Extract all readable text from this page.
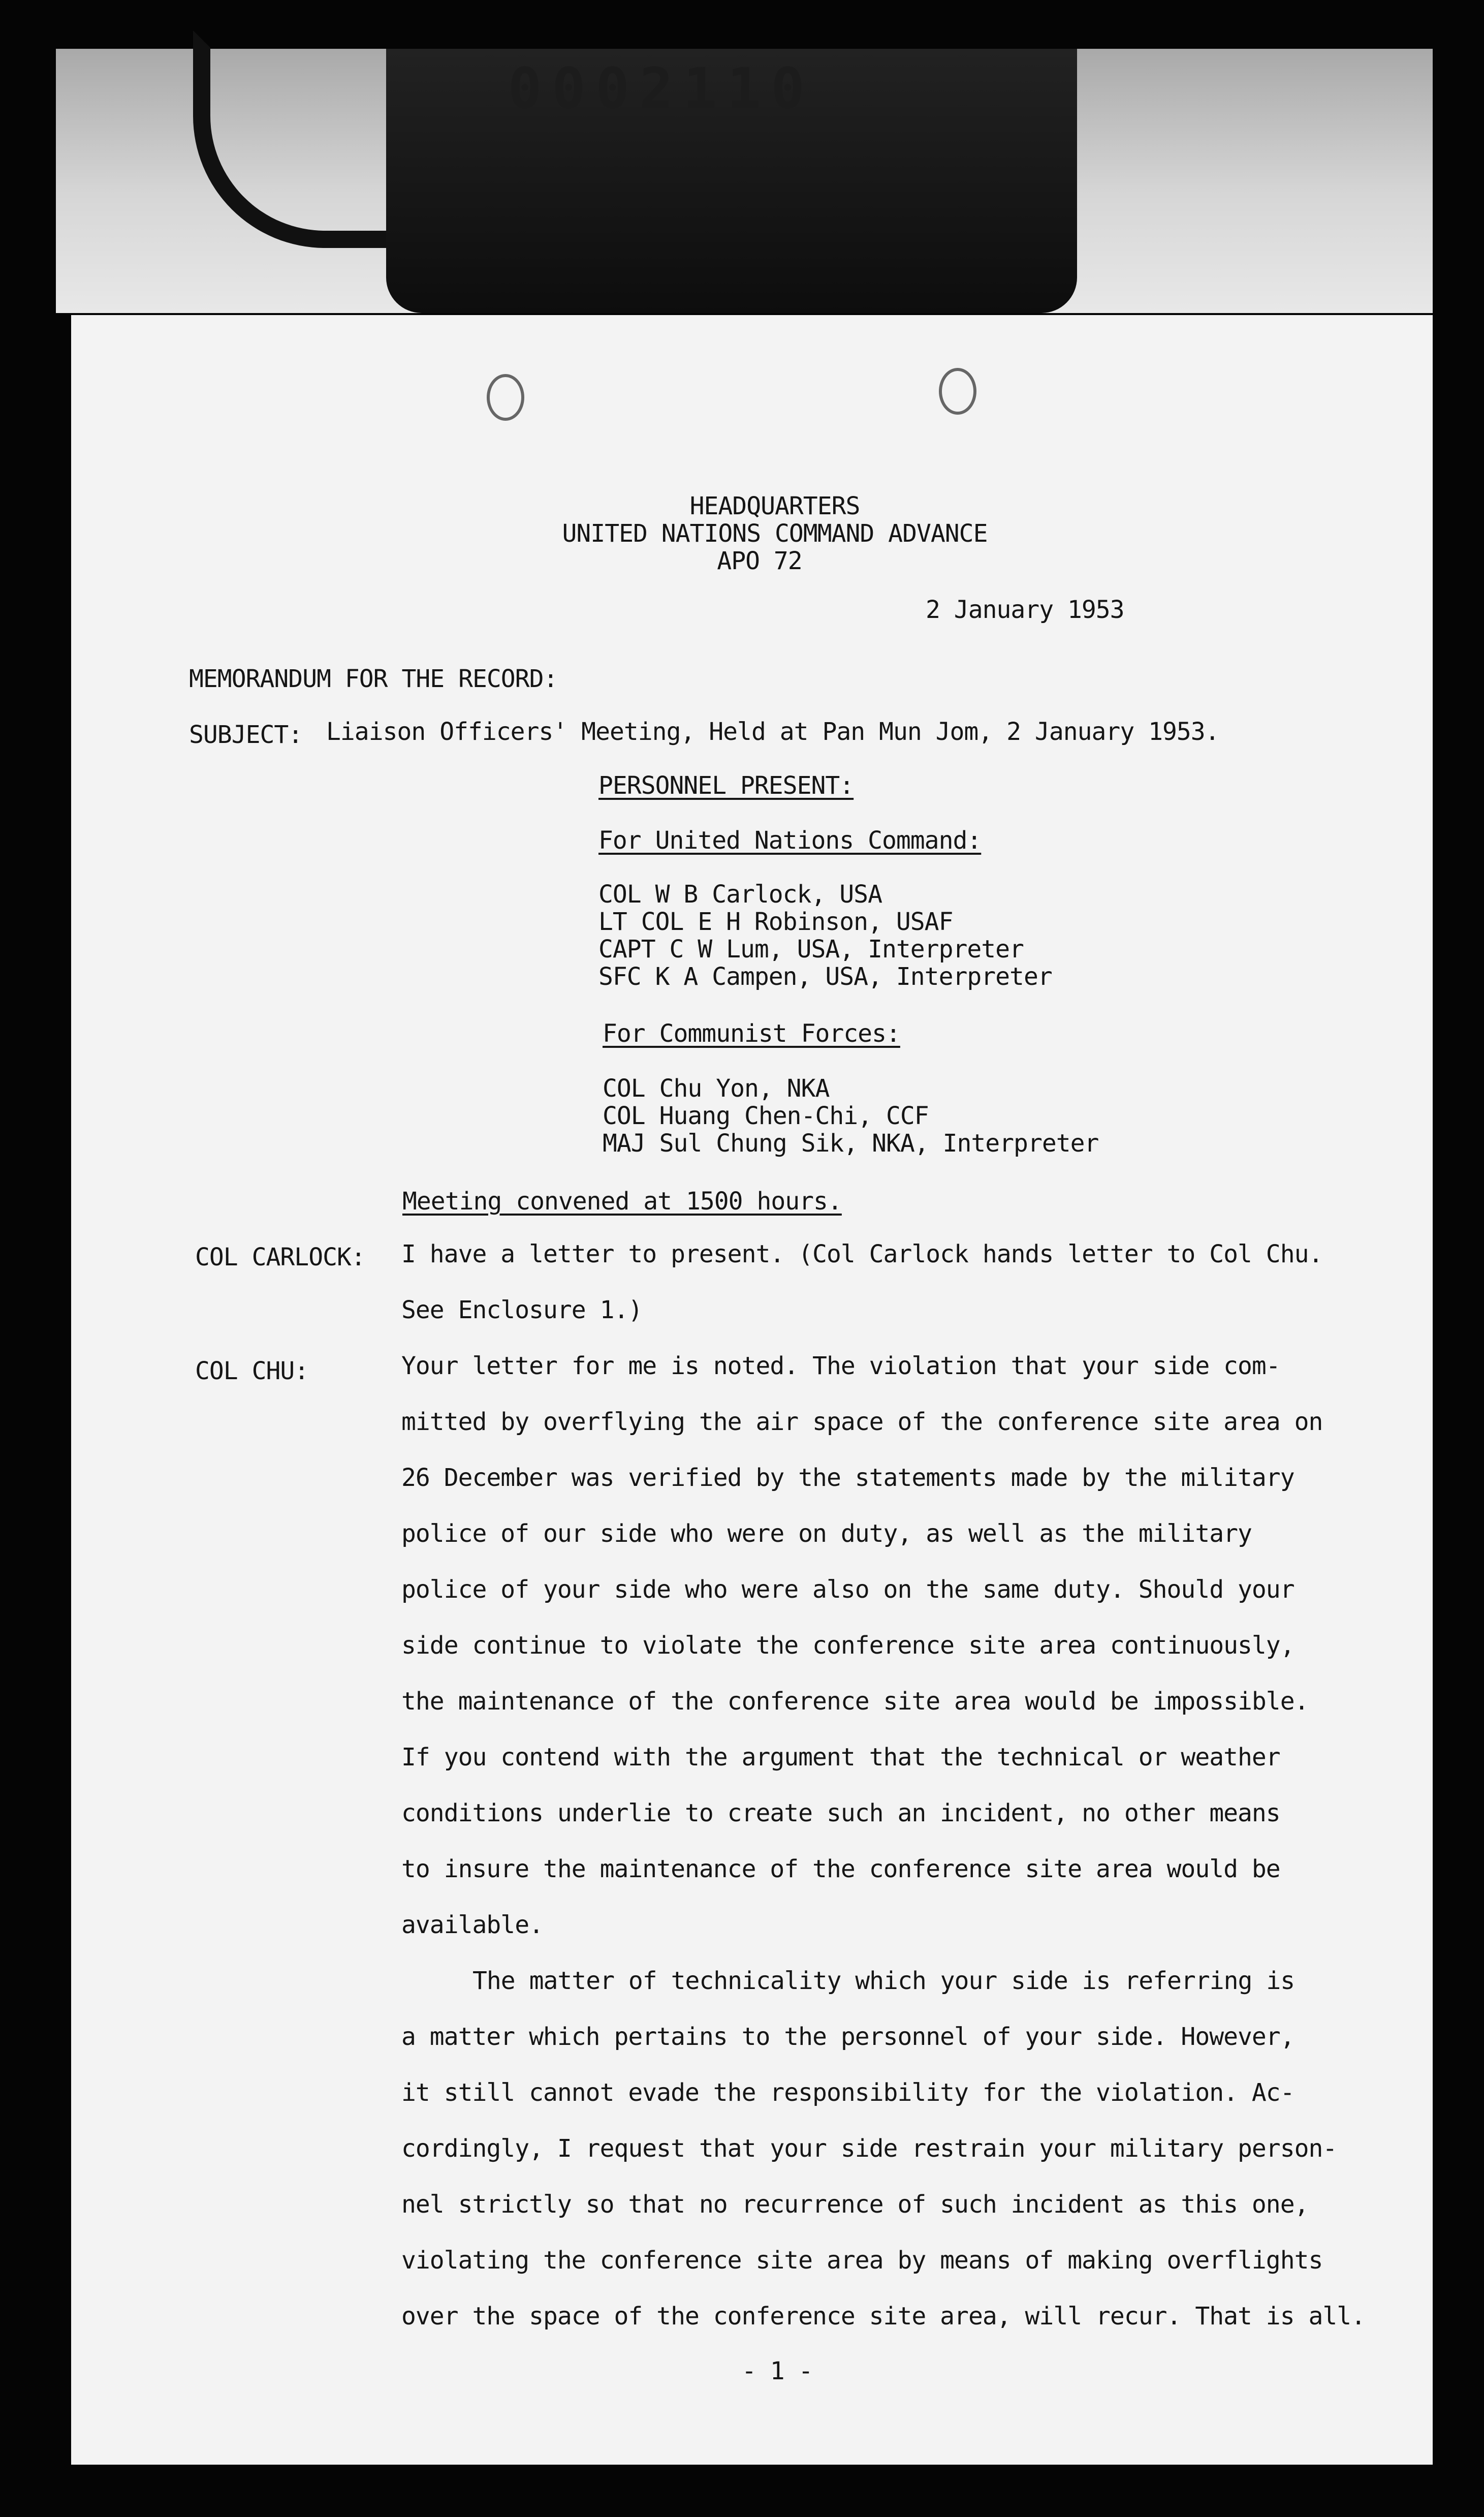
0002110
HEADQUARTERS
UNITED NATIONS COMMAND ADVANCE
APO 72
2 January 1953
MEMORANDUM FOR THE RECORD:
SUBJECT: Liaison Officers' Meeting, Held at Pan Mun Jom, 2 January 1953.
PERSONNEL PRESENT:
For United Nations Command:
COL W B Carlock, USA
LT COL E H Robinson, USAF
CAPT C W Lum, USA, Interpreter
SFC K A Campen, USA, Interpreter
For Communist Forces:
COL Chu Yon, NKA
COL Huang Chen-Chi, CCF
MAJ Sul Chung Sik, NKA, Interpreter
Meeting convened at 1500 hours.
COL CARLOCK: I have a letter to present. (Col Carlock hands letter to Col Chu.
See Enclosure 1.)
COL CHU:	Your letter for me is noted. The violation that your side com-
mitted by overflying the air space of the conference site area on
26 December was verified by the statements made by the military
police of our side who were on duty, as well as the military
police of your side who were also on the same duty. Should your
side continue to violate the conference site area continuously,
the maintenance of the conference site area would be impossible.
If you contend with the argument that the technical or weather
conditions underlie to create such an incident, no other means
to insure the maintenance of the conference site area would be
available.
The matter of technicality which your side is referring is
a matter which pertains to the personnel of your side. However,
it still cannot evade the responsibility for the violation. Ac-
cordingly, I request that your side restrain your military person-
nel strictly so that no recurrence of such incident as this one,
violating the conference site area by means of making overflights
over the space of the conference site area, will recur. That is all.
- 1 -
